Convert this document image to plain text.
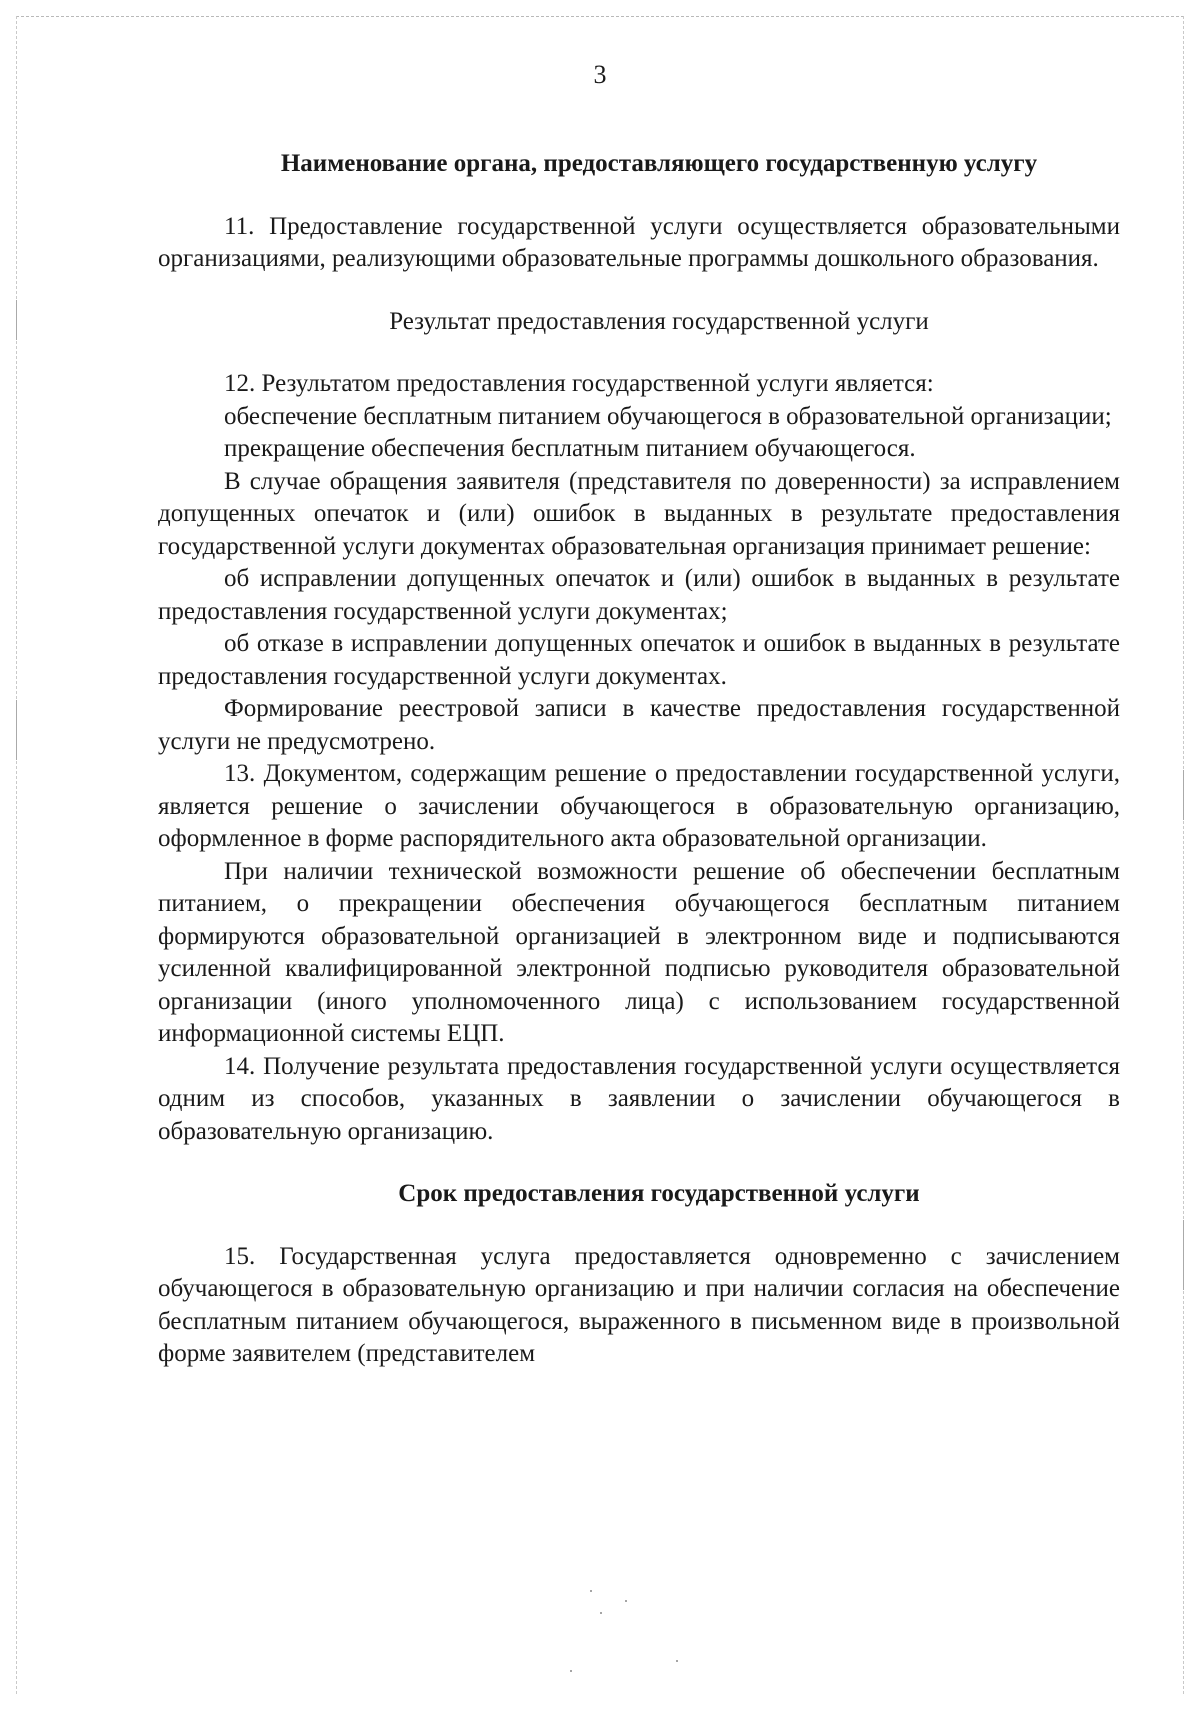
3
Наименование органа, предоставляющего государственную услугу

11. Предоставление государственной услуги осуществляется образовательными организациями, реализующими образовательные программы дошкольного образования.

Результат предоставления государственной услуги

12. Результатом предоставления государственной услуги является:

обеспечение бесплатным питанием обучающегося в образовательной организации;

прекращение обеспечения бесплатным питанием обучающегося.

В случае обращения заявителя (представителя по доверенности) за исправлением допущенных опечаток и (или) ошибок в выданных в результате предоставления государственной услуги документах образовательная организация принимает решение:

об исправлении допущенных опечаток и (или) ошибок в выданных в результате предоставления государственной услуги документах;

об отказе в исправлении допущенных опечаток и ошибок в выданных в результате предоставления государственной услуги документах.

Формирование реестровой записи в качестве предоставления государственной услуги не предусмотрено.

13. Документом, содержащим решение о предоставлении государственной услуги, является решение о зачислении обучающегося в образовательную организацию, оформленное в форме распорядительного акта образовательной организации.

При наличии технической возможности решение об обеспечении бесплатным питанием, о прекращении обеспечения обучающегося бесплатным питанием формируются образовательной организацией в электронном виде и подписываются усиленной квалифицированной электронной подписью руководителя образовательной организации (иного уполномоченного лица) с использованием государственной информационной системы ЕЦП.

14. Получение результата предоставления государственной услуги осуществляется одним из способов, указанных в заявлении о зачислении обучающегося в образовательную организацию.

Срок предоставления государственной услуги

15. Государственная услуга предоставляется одновременно с зачислением обучающегося в образовательную организацию и при наличии согласия на обеспечение бесплатным питанием обучающегося, выраженного в письменном виде в произвольной форме заявителем (представителем
